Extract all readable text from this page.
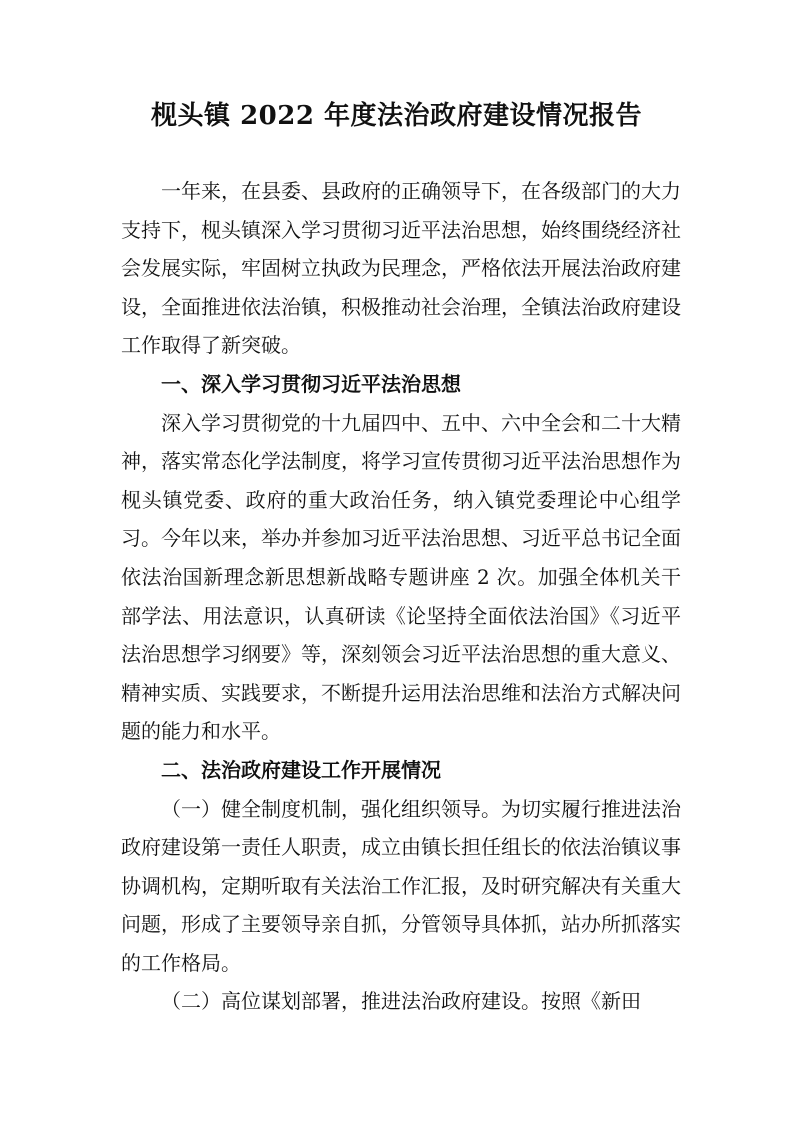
枧头镇 2022 年度法治政府建设情况报告

一年来，在县委、县政府的正确领导下，在各级部门的大力支持下，枧头镇深入学习贯彻习近平法治思想，始终围绕经济社会发展实际，牢固树立执政为民理念，严格依法开展法治政府建设，全面推进依法治镇，积极推动社会治理，全镇法治政府建设工作取得了新突破。

一、深入学习贯彻习近平法治思想

深入学习贯彻党的十九届四中、五中、六中全会和二十大精神，落实常态化学法制度，将学习宣传贯彻习近平法治思想作为枧头镇党委、政府的重大政治任务，纳入镇党委理论中心组学习。今年以来，举办并参加习近平法治思想、习近平总书记全面依法治国新理念新思想新战略专题讲座 2 次。加强全体机关干部学法、用法意识，认真研读《论坚持全面依法治国》《习近平法治思想学习纲要》等，深刻领会习近平法治思想的重大意义、精神实质、实践要求，不断提升运用法治思维和法治方式解决问题的能力和水平。

二、法治政府建设工作开展情况

（一）健全制度机制，强化组织领导。为切实履行推进法治政府建设第一责任人职责，成立由镇长担任组长的依法治镇议事协调机构，定期听取有关法治工作汇报，及时研究解决有关重大问题，形成了主要领导亲自抓，分管领导具体抓，站办所抓落实的工作格局。

（二）高位谋划部署，推进法治政府建设。按照《新田
